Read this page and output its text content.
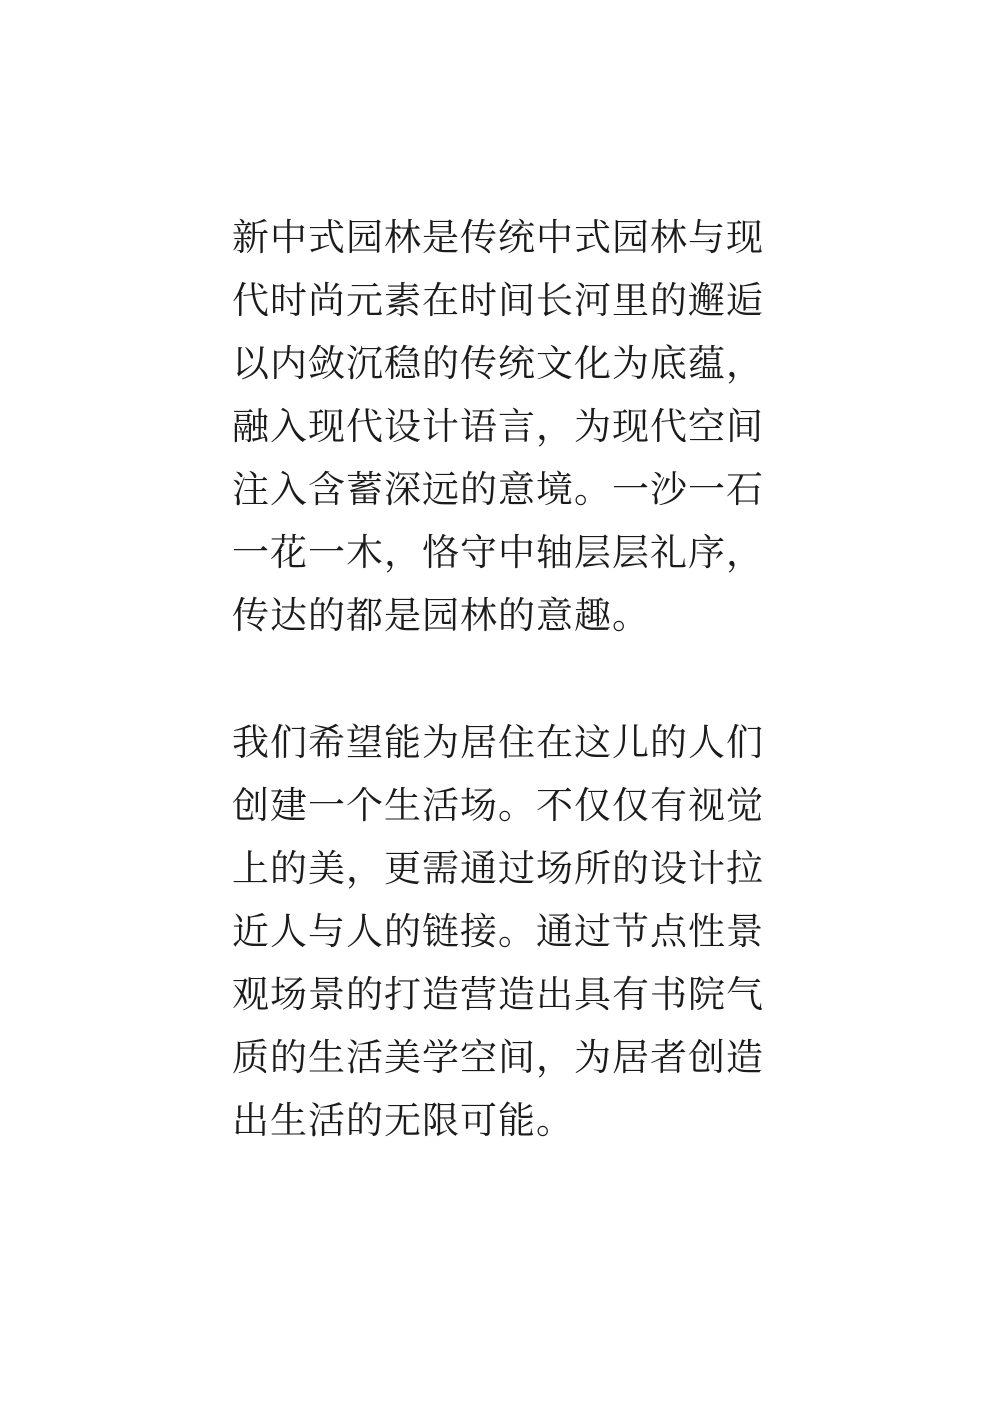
新中式园林是传统中式园林与现
代时尚元素在时间长河里的邂逅
以内敛沉稳的传统文化为底蕴，
融入现代设计语言，为现代空间
注入含蓄深远的意境。一沙一石
一花一木，恪守中轴层层礼序，
传达的都是园林的意趣。
我们希望能为居住在这儿的人们
创建一个生活场。不仅仅有视觉
上的美，更需通过场所的设计拉
近人与人的链接。通过节点性景
观场景的打造营造出具有书院气
质的生活美学空间，为居者创造
出生活的无限可能。
